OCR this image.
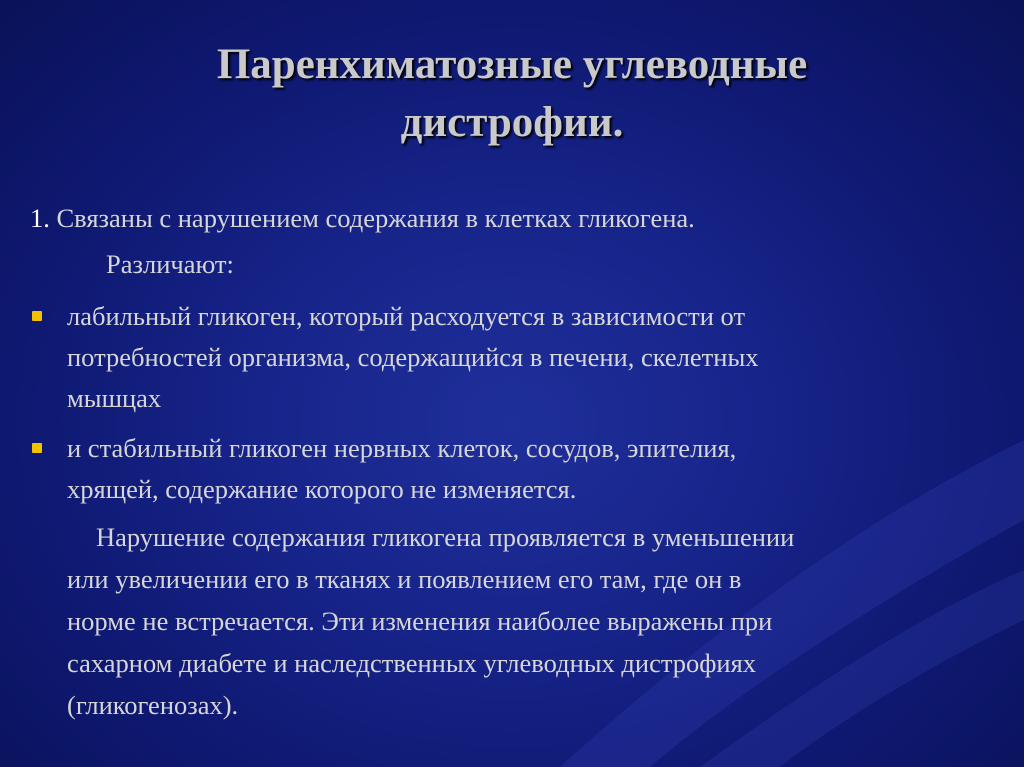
Паренхиматозные углеводные
дистрофии.
1. Связаны с нарушением содержания в клетках гликогена.
Различают:
лабильный гликоген, который расходуется в зависимости от
потребностей организма, содержащийся в печени, скелетных
мышцах
и стабильный гликоген нервных клеток, сосудов, эпителия,
хрящей, содержание которого не изменяется.
Нарушение содержания гликогена проявляется в уменьшении
или увеличении его в тканях и появлением его там, где он в
норме не встречается. Эти изменения наиболее выражены при
сахарном диабете и наследственных углеводных дистрофиях
(гликогенозах).
